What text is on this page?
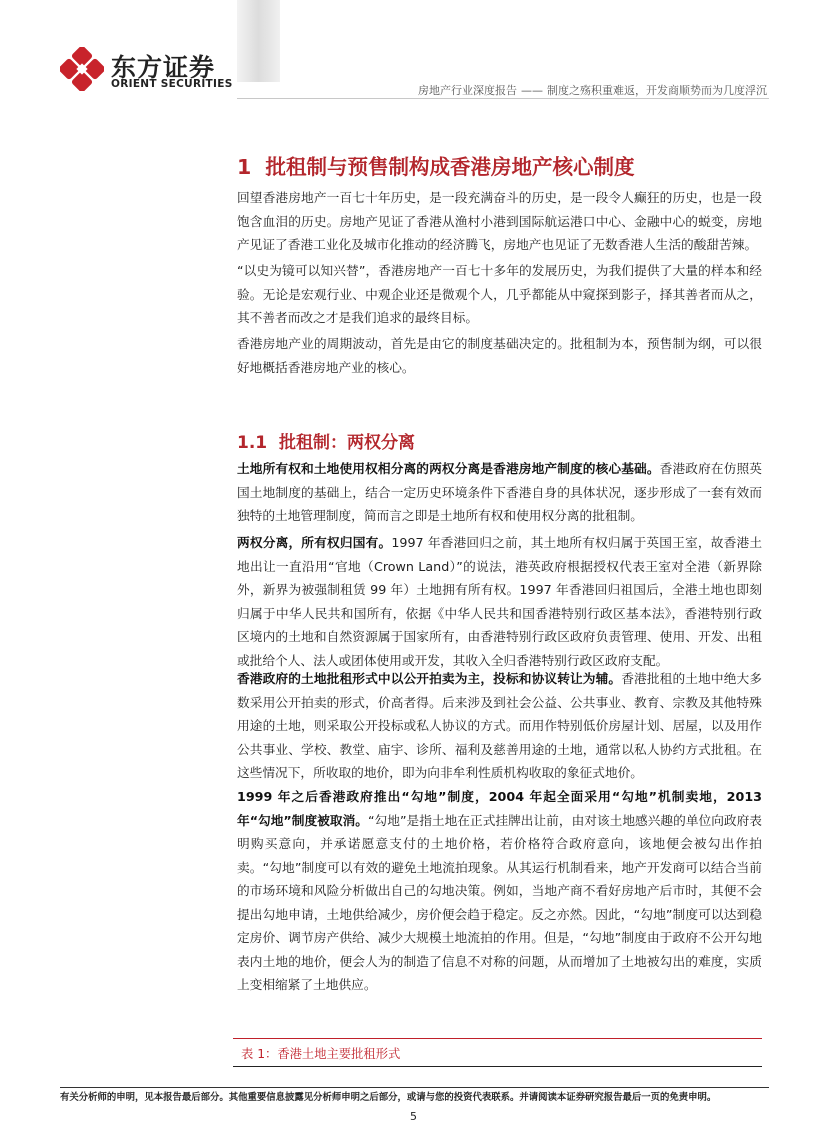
东方证券
ORIENT SECURITIES	房地产行业深度报告 —— 制度之殇积重难返，开发商顺势而为几度浮沉
1 批租制与预售制构成香港房地产核心制度

回望香港房地产一百七十年历史，是一段充满奋斗的历史，是一段令人癫狂的历史，也是一段饱含血泪的历史。房地产见证了香港从渔村小港到国际航运港口中心、金融中心的蜕变，房地产见证了香港工业化及城市化推动的经济腾飞，房地产也见证了无数香港人生活的酸甜苦辣。

“以史为镜可以知兴替”，香港房地产一百七十多年的发展历史，为我们提供了大量的样本和经验。无论是宏观行业、中观企业还是微观个人，几乎都能从中窥探到影子，择其善者而从之，其不善者而改之才是我们追求的最终目标。

香港房地产业的周期波动，首先是由它的制度基础决定的。批租制为本，预售制为纲，可以很好地概括香港房地产业的核心。

1.1 批租制：两权分离

土地所有权和土地使用权相分离的两权分离是香港房地产制度的核心基础。香港政府在仿照英国土地制度的基础上，结合一定历史环境条件下香港自身的具体状况，逐步形成了一套有效而独特的土地管理制度，简而言之即是土地所有权和使用权分离的批租制。

两权分离，所有权归国有。1997 年香港回归之前，其土地所有权归属于英国王室，故香港土地出让一直沿用“官地（Crown Land）”的说法，港英政府根据授权代表王室对全港（新界除外，新界为被强制租赁 99 年）土地拥有所有权。1997 年香港回归祖国后，全港土地也即刻归属于中华人民共和国所有，依据《中华人民共和国香港特别行政区基本法》，香港特别行政区境内的土地和自然资源属于国家所有，由香港特别行政区政府负责管理、使用、开发、出租或批给个人、法人或团体使用或开发，其收入全归香港特别行政区政府支配。

香港政府的土地批租形式中以公开拍卖为主，投标和协议转让为辅。香港批租的土地中绝大多数采用公开拍卖的形式，价高者得。后来涉及到社会公益、公共事业、教育、宗教及其他特殊用途的土地，则采取公开投标或私人协议的方式。而用作特别低价房屋计划、居屋，以及用作公共事业、学校、教堂、庙宇、诊所、福利及慈善用途的土地，通常以私人协约方式批租。在这些情况下，所收取的地价，即为向非牟利性质机构收取的象征式地价。

1999 年之后香港政府推出“勾地”制度，2004 年起全面采用“勾地”机制卖地，2013 年“勾地”制度被取消。“勾地”是指土地在正式挂牌出让前，由对该土地感兴趣的单位向政府表明购买意向，并承诺愿意支付的土地价格，若价格符合政府意向，该地便会被勾出作拍卖。“勾地”制度可以有效的避免土地流拍现象。从其运行机制看来，地产开发商可以结合当前的市场环境和风险分析做出自己的勾地决策。例如，当地产商不看好房地产后市时，其便不会提出勾地申请，土地供给减少，房价便会趋于稳定。反之亦然。因此，“勾地”制度可以达到稳定房价、调节房产供给、减少大规模土地流拍的作用。但是，“勾地”制度由于政府不公开勾地表内土地的地价，便会人为的制造了信息不对称的问题，从而增加了土地被勾出的难度，实质上变相缩紧了土地供应。

表 1：香港土地主要批租形式
有关分析师的申明，见本报告最后部分。其他重要信息披露见分析师申明之后部分，或请与您的投资代表联系。并请阅读本证券研究报告最后一页的免责申明。
5
